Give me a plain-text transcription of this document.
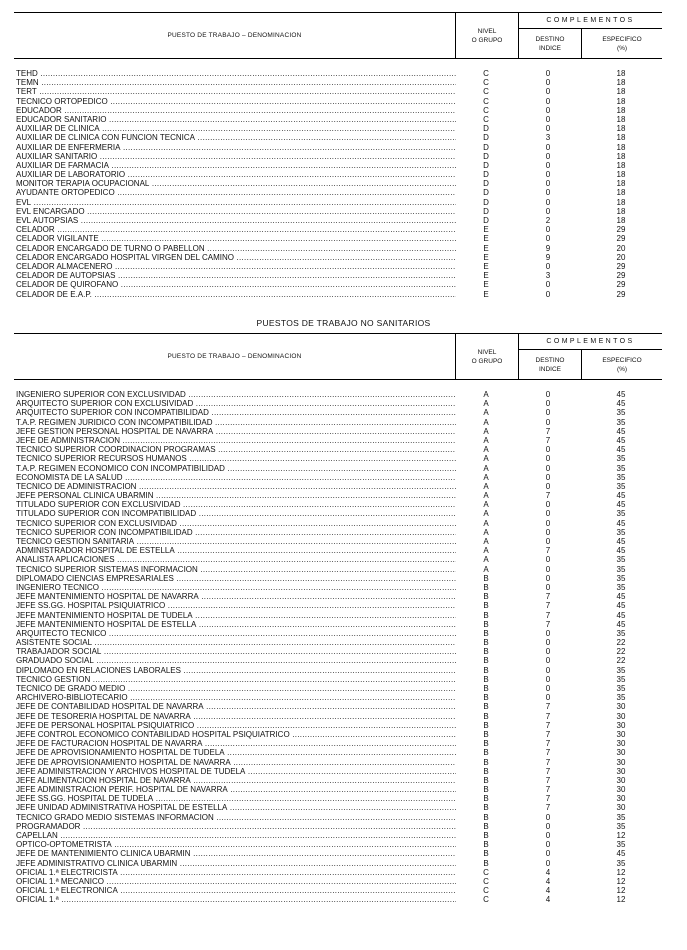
PUESTO DE TRABAJO – DENOMINACION
NIVEL
O GRUPO
COMPLEMENTOS
DESTINO
INDICE
ESPECIFICO
(%)
TEHD .....	C	0	18
TEMN .....	C	0	18
TERT .....	C	0	18
TECNICO ORTOPEDICO .....	C	0	18
EDUCADOR .....	C	0	18
EDUCADOR SANITARIO .....	C	0	18
AUXILIAR DE CLINICA .....	D	0	18
AUXILIAR DE CLINICA CON FUNCION TECNICA .....	D	3	18
AUXILIAR DE ENFERMERIA .....	D	0	18
AUXILIAR SANITARIO .....	D	0	18
AUXILIAR DE FARMACIA .....	D	0	18
AUXILIAR DE LABORATORIO .....	D	0	18
MONITOR TERAPIA OCUPACIONAL .....	D	0	18
AYUDANTE ORTOPEDICO .....	D	0	18
EVL .....	D	0	18
EVL ENCARGADO .....	D	0	18
EVL AUTOPSIAS .....	D	2	18
CELADOR .....	E	0	29
CELADOR VIGILANTE .....	E	0	29
CELADOR ENCARGADO DE TURNO O PABELLON .....	E	9	20
CELADOR ENCARGADO HOSPITAL VIRGEN DEL CAMINO .....	E	9	20
CELADOR ALMACENERO .....	E	0	29
CELADOR DE AUTOPSIAS .....	E	3	29
CELADOR DE QUIROFANO .....	E	0	29
CELADOR DE E.A.P. .....	E	0	29
PUESTOS DE TRABAJO NO SANITARIOS
PUESTO DE TRABAJO – DENOMINACION
NIVEL
O GRUPO
COMPLEMENTOS
DESTINO
INDICE
ESPECIFICO
(%)
INGENIERO SUPERIOR CON EXCLUSIVIDAD .....	A	0	45
ARQUITECTO SUPERIOR CON EXCLUSIVIDAD .....	A	0	45
ARQUITECTO SUPERIOR CON INCOMPATIBILIDAD .....	A	0	35
T.A.P. REGIMEN JURIDICO CON INCOMPATIBILIDAD .....	A	0	35
JEFE GESTION PERSONAL HOSPITAL DE NAVARRA .....	A	7	45
JEFE DE ADMINISTRACION .....	A	7	45
TECNICO SUPERIOR COORDINACION PROGRAMAS .....	A	0	45
TECNICO SUPERIOR RECURSOS HUMANOS .....	A	0	35
T.A.P. REGIMEN ECONOMICO CON INCOMPATIBILIDAD .....	A	0	35
ECONOMISTA DE LA SALUD .....	A	0	35
TECNICO DE ADMINISTRACION .....	A	0	35
JEFE PERSONAL CLINICA UBARMIN .....	A	7	45
TITULADO SUPERIOR CON EXCLUSIVIDAD .....	A	0	45
TITULADO SUPERIOR CON INCOMPATIBILIDAD .....	A	0	35
TECNICO SUPERIOR CON EXCLUSIVIDAD .....	A	0	45
TECNICO SUPERIOR CON INCOMPATIBILIDAD .....	A	0	35
TECNICO GESTION SANITARIA .....	A	0	45
ADMINISTRADOR HOSPITAL DE ESTELLA .....	A	7	45
ANALISTA APLICACIONES .....	A	0	35
TECNICO SUPERIOR SISTEMAS INFORMACION .....	A	0	35
DIPLOMADO CIENCIAS EMPRESARIALES .....	B	0	35
INGENIERO TECNICO .....	B	0	35
JEFE MANTENIMIENTO HOSPITAL DE NAVARRA .....	B	7	45
JEFE SS.GG. HOSPITAL PSIQUIATRICO .....	B	7	45
JEFE MANTENIMIENTO HOSPITAL DE TUDELA .....	B	7	45
JEFE MANTENIMIENTO HOSPITAL DE ESTELLA .....	B	7	45
ARQUITECTO TECNICO .....	B	0	35
ASISTENTE SOCIAL .....	B	0	22
TRABAJADOR SOCIAL .....	B	0	22
GRADUADO SOCIAL .....	B	0	22
DIPLOMADO EN RELACIONES LABORALES .....	B	0	35
TECNICO GESTION .....	B	0	35
TECNICO DE GRADO MEDIO .....	B	0	35
ARCHIVERO-BIBLIOTECARIO .....	B	0	35
JEFE DE CONTABILIDAD HOSPITAL DE NAVARRA .....	B	7	30
JEFE DE TESORERIA HOSPITAL DE NAVARRA .....	B	7	30
JEFE DE PERSONAL HOSPITAL PSIQUIATRICO .....	B	7	30
JEFE CONTROL ECONOMICO CONTABILIDAD HOSPITAL PSIQUIATRICO .....	B	7	30
JEFE DE FACTURACION HOSPITAL DE NAVARRA .....	B	7	30
JEFE DE APROVISIONAMIENTO HOSPITAL DE TUDELA .....	B	7	30
JEFE DE APROVISIONAMIENTO HOSPITAL DE NAVARRA .....	B	7	30
JEFE ADMINISTRACION Y ARCHIVOS HOSPITAL DE TUDELA .....	B	7	30
JEFE ALIMENTACION HOSPITAL DE NAVARRA .....	B	7	30
JEFE ADMINISTRACION PERIF. HOSPITAL DE NAVARRA .....	B	7	30
JEFE SS.GG. HOSPITAL DE TUDELA .....	B	7	30
JEFE UNIDAD ADMINISTRATIVA HOSPITAL DE ESTELLA .....	B	7	30
TECNICO GRADO MEDIO SISTEMAS INFORMACION .....	B	0	35
PROGRAMADOR .....	B	0	35
CAPELLAN .....	B	0	12
OPTICO-OPTOMETRISTA .....	B	0	35
JEFE DE MANTENIMIENTO CLINICA UBARMIN .....	B	0	45
JEFE ADMINISTRATIVO CLINICA UBARMIN .....	B	0	35
OFICIAL 1.ª ELECTRICISTA .....	C	4	12
OFICIAL 1.ª MECANICO .....	C	4	12
OFICIAL 1.ª ELECTRONICA .....	C	4	12
OFICIAL 1.ª .....	C	4	12
